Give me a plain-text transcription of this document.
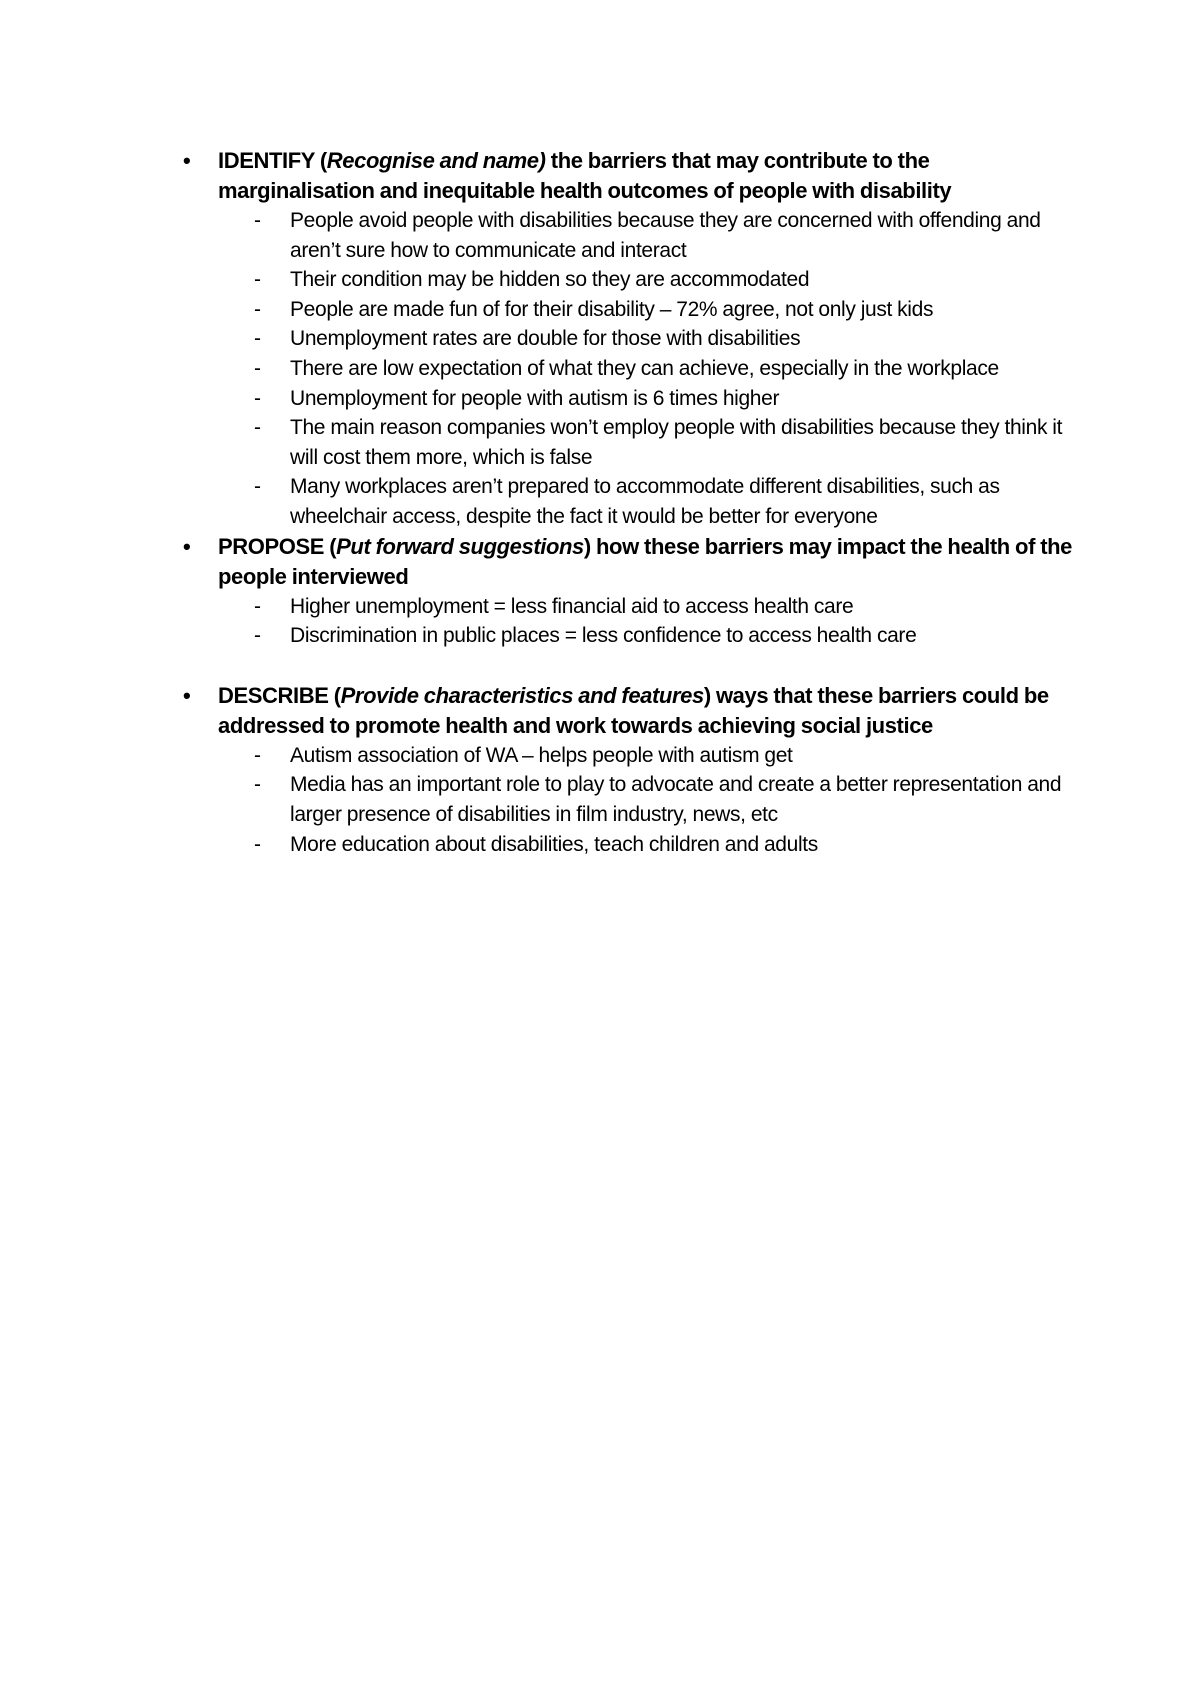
• IDENTIFY (Recognise and name) the barriers that may contribute to the marginalisation and inequitable health outcomes of people with disability
- People avoid people with disabilities because they are concerned with offending and aren’t sure how to communicate and interact
- Their condition may be hidden so they are accommodated
- People are made fun of for their disability – 72% agree, not only just kids
- Unemployment rates are double for those with disabilities
- There are low expectation of what they can achieve, especially in the workplace
- Unemployment for people with autism is 6 times higher
- The main reason companies won’t employ people with disabilities because they think it will cost them more, which is false
- Many workplaces aren’t prepared to accommodate different disabilities, such as wheelchair access, despite the fact it would be better for everyone
• PROPOSE (Put forward suggestions) how these barriers may impact the health of the people interviewed
- Higher unemployment = less financial aid to access health care
- Discrimination in public places = less confidence to access health care
• DESCRIBE (Provide characteristics and features) ways that these barriers could be addressed to promote health and work towards achieving social justice
- Autism association of WA – helps people with autism get
- Media has an important role to play to advocate and create a better representation and larger presence of disabilities in film industry, news, etc
- More education about disabilities, teach children and adults
